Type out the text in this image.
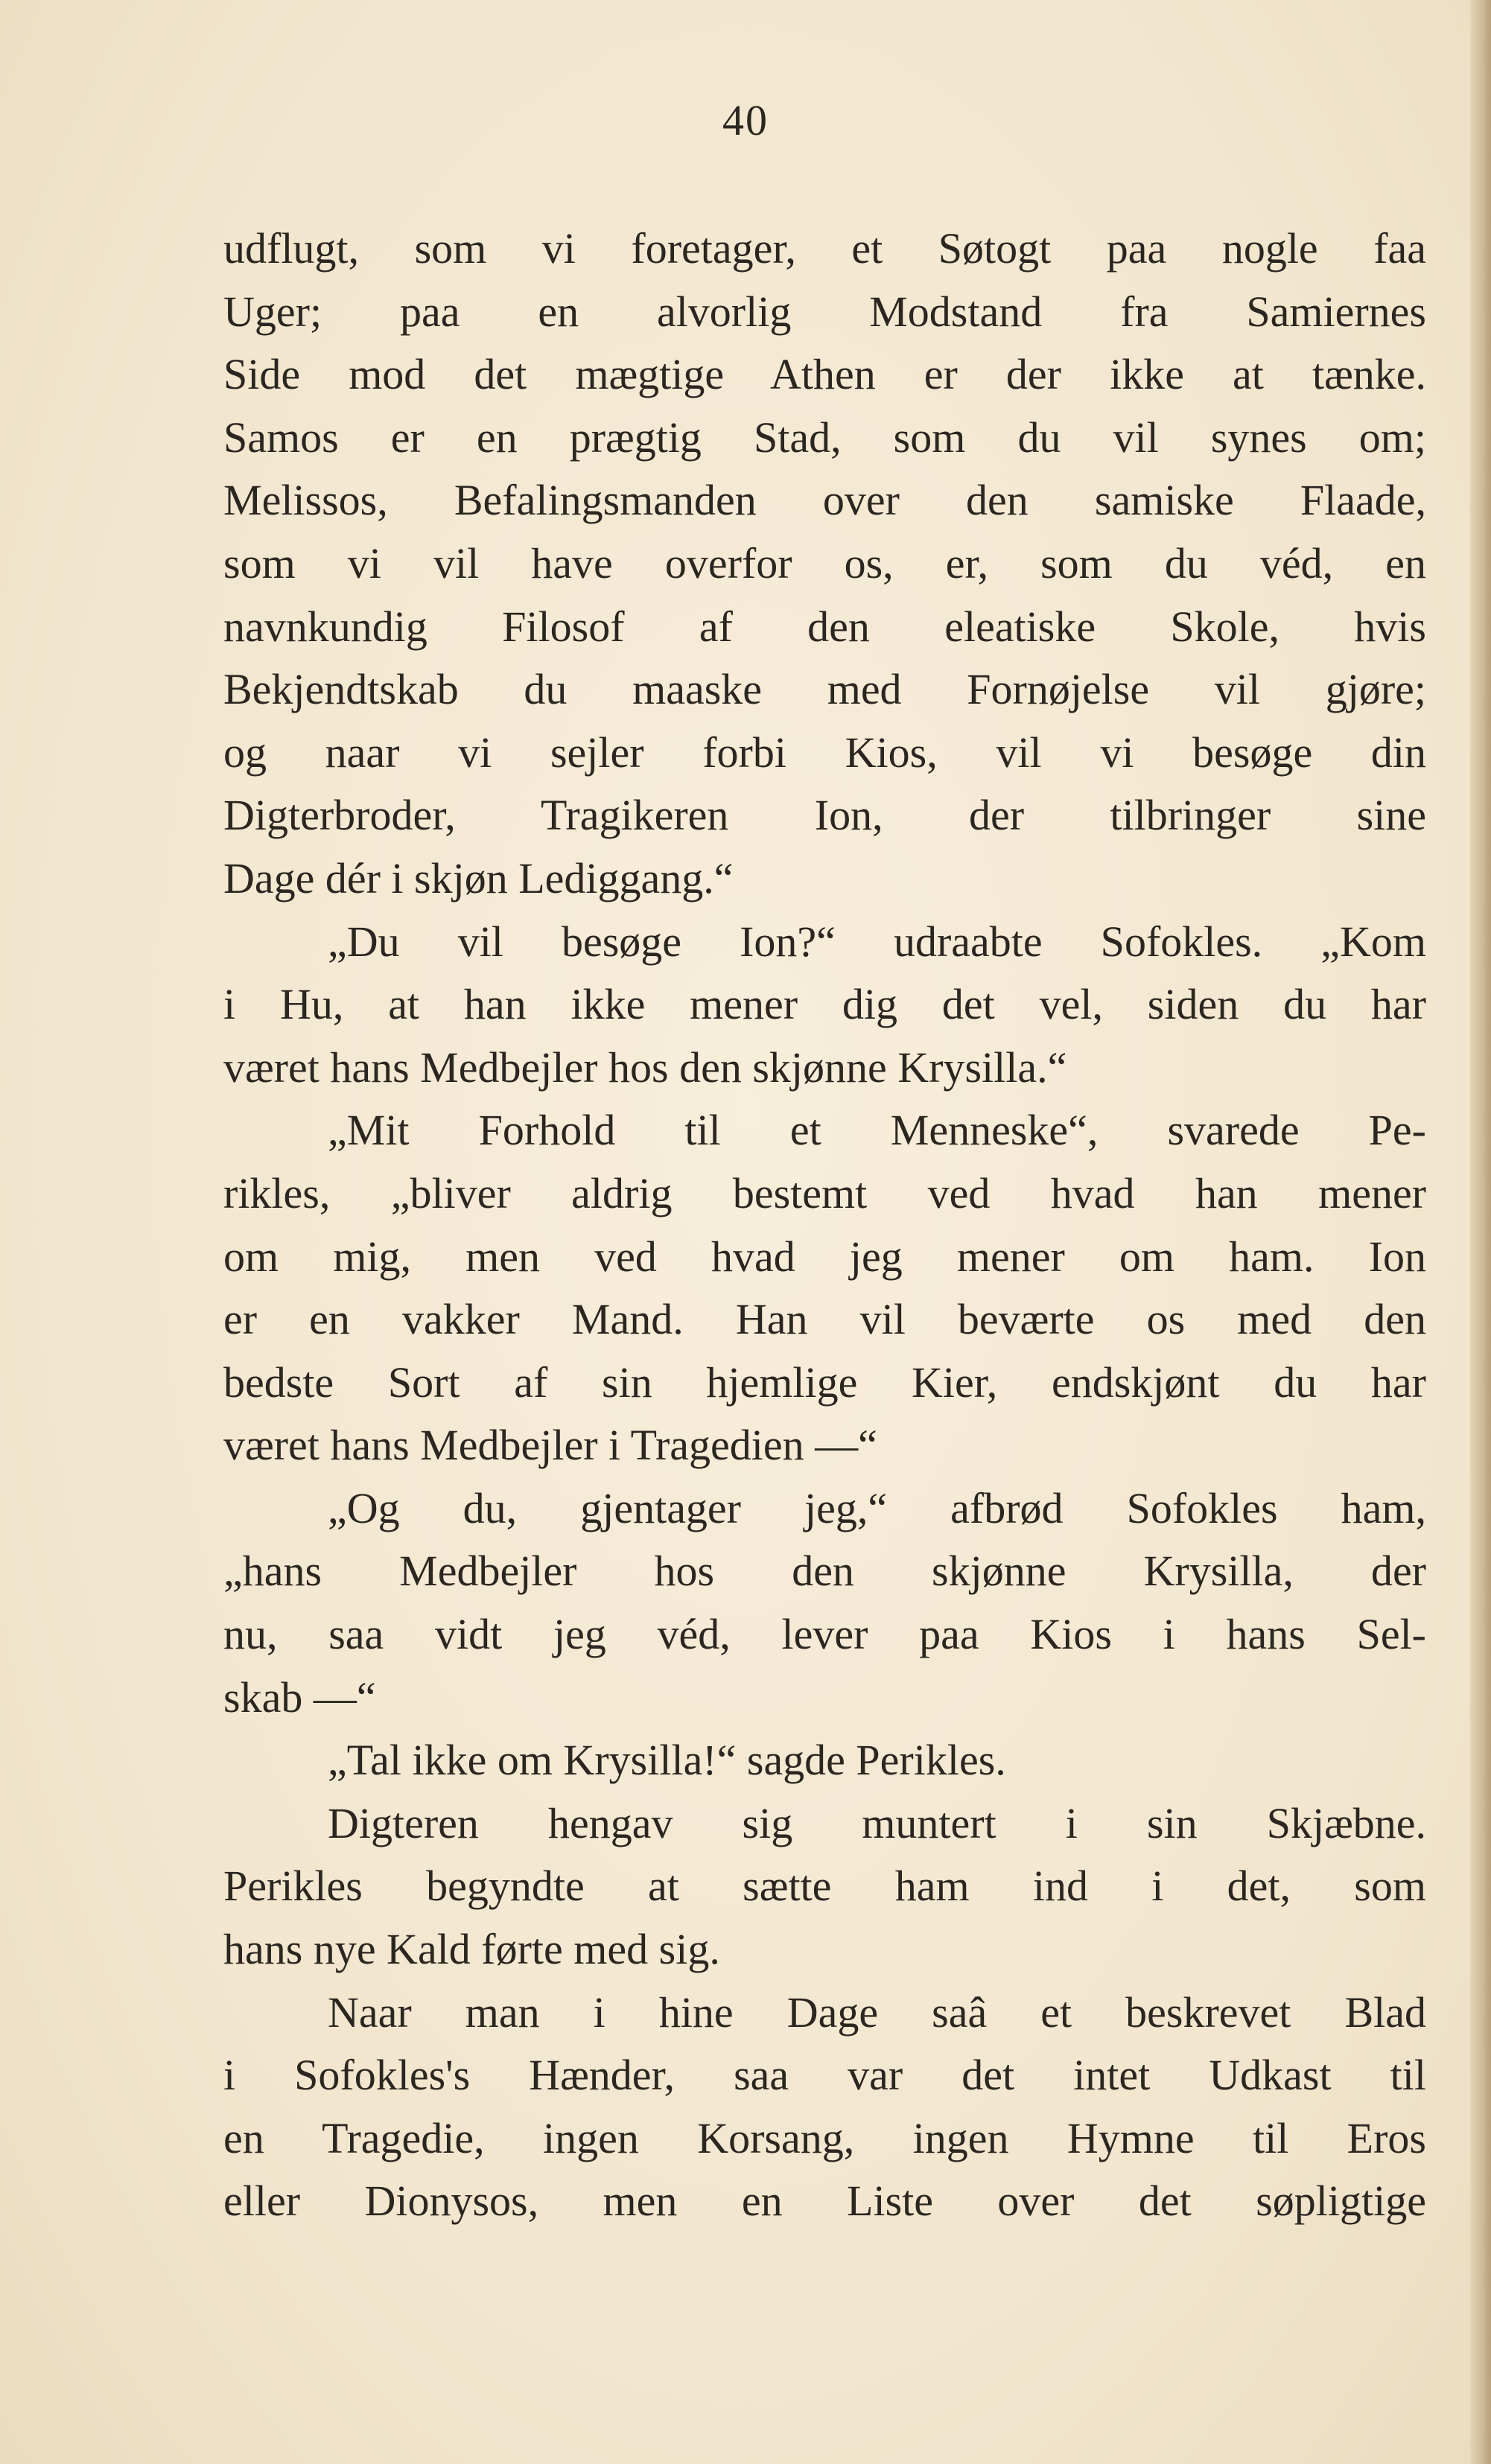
40
udflugt, som vi foretager, et Søtogt paa nogle faa
Uger; paa en alvorlig Modstand fra Samiernes
Side mod det mægtige Athen er der ikke at tænke.
Samos er en prægtig Stad, som du vil synes om;
Melissos, Befalingsmanden over den samiske Flaade,
som vi vil have overfor os, er, som du véd, en
navnkundig Filosof af den eleatiske Skole, hvis
Bekjendtskab du maaske med Fornøjelse vil gjøre;
og naar vi sejler forbi Kios, vil vi besøge din
Digterbroder, Tragikeren Ion, der tilbringer sine
Dage dér i skjøn Lediggang.“
„Du vil besøge Ion?“ udraabte Sofokles. „Kom
i Hu, at han ikke mener dig det vel, siden du har
været hans Medbejler hos den skjønne Krysilla.“
„Mit Forhold til et Menneske“, svarede Pe-
rikles, „bliver aldrig bestemt ved hvad han mener
om mig, men ved hvad jeg mener om ham. Ion
er en vakker Mand. Han vil beværte os med den
bedste Sort af sin hjemlige Kier, endskjønt du har
været hans Medbejler i Tragedien —“
„Og du, gjentager jeg,“ afbrød Sofokles ham,
„hans Medbejler hos den skjønne Krysilla, der
nu, saa vidt jeg véd, lever paa Kios i hans Sel-
skab —“
„Tal ikke om Krysilla!“ sagde Perikles.
Digteren hengav sig muntert i sin Skjæbne.
Perikles begyndte at sætte ham ind i det, som
hans nye Kald førte med sig.
Naar man i hine Dage saâ et beskrevet Blad
i Sofokles's Hænder, saa var det intet Udkast til
en Tragedie, ingen Korsang, ingen Hymne til Eros
eller Dionysos, men en Liste over det søpligtige
